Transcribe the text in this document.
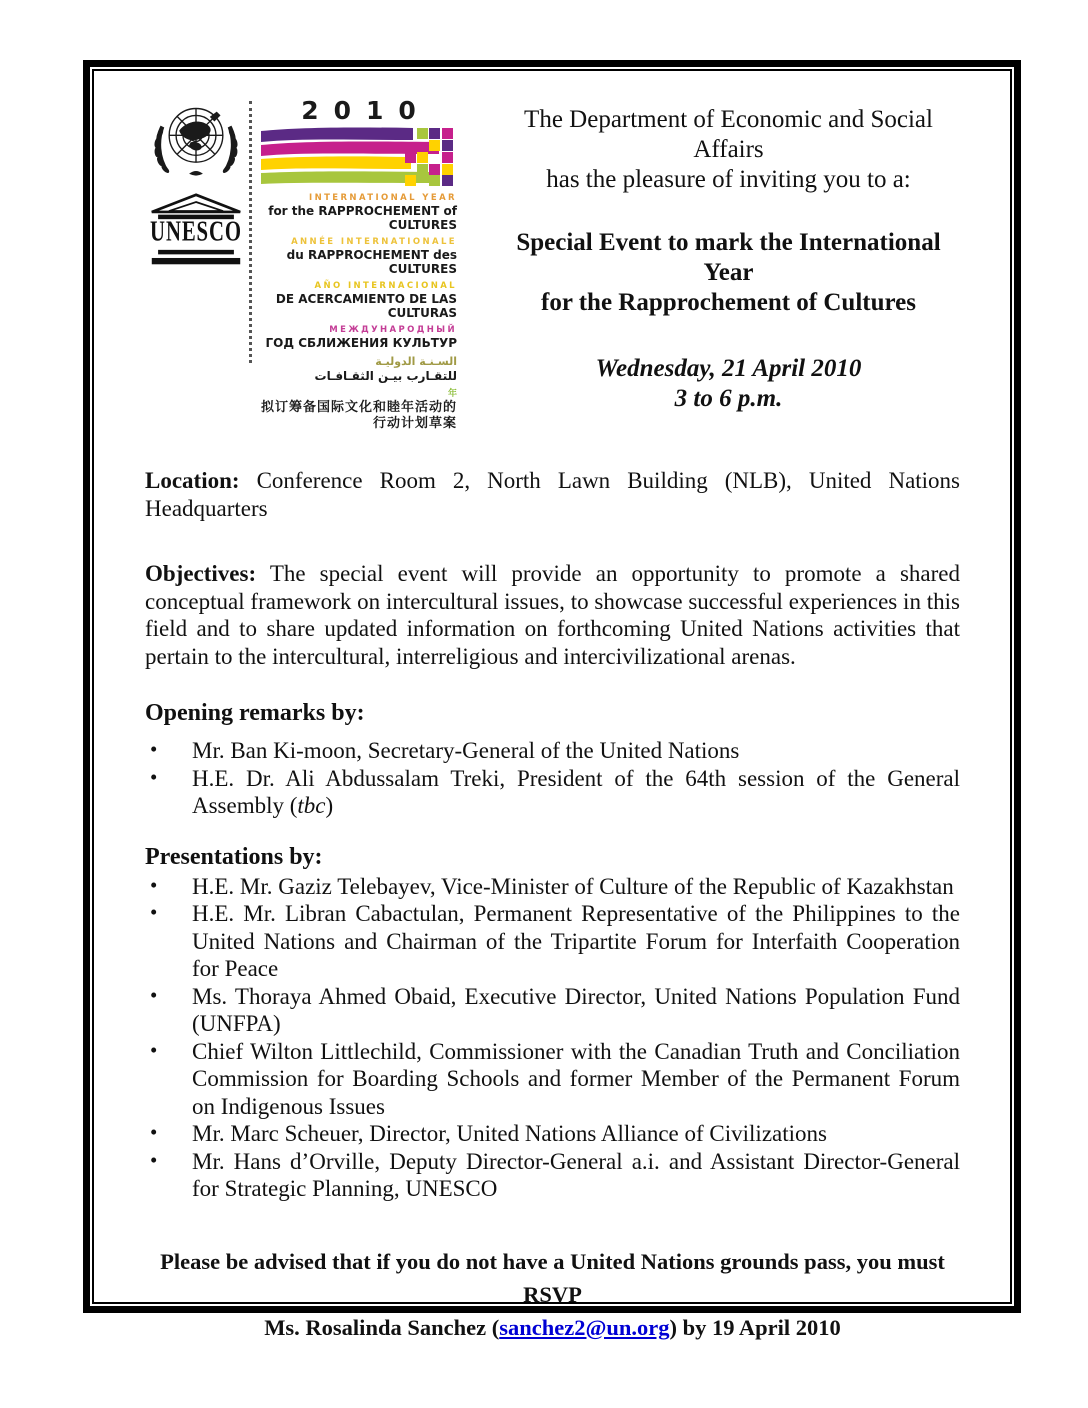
UNESCO
2010
INTERNATIONAL YEAR
for the RAPPROCHEMENT of CULTURES
ANNÉE INTERNATIONALE
du RAPPROCHEMENT des CULTURES
AÑO INTERNACIONAL
DE ACERCAMIENTO DE LAS CULTURAS
МЕЖДУНАРОДНЫЙ
ГОД СБЛИЖЕНИЯ КУЛЬТУР
السـنـة الدوليـة
للتقـارب بيـن الثقـافـات
年
拟订筹备国际文化和睦年活动的行动计划草案

The Department of Economic and Social Affairs
has the pleasure of inviting you to a:

Special Event to mark the International Year
for the Rapprochement of Cultures

Wednesday, 21 April 2010
3 to 6 p.m.

Location: Conference Room 2, North Lawn Building (NLB), United Nations Headquarters

Objectives: The special event will provide an opportunity to promote a shared conceptual framework on intercultural issues, to showcase successful experiences in this field and to share updated information on forthcoming United Nations activities that pertain to the intercultural, interreligious and intercivilizational arenas.

Opening remarks by:
• Mr. Ban Ki-moon, Secretary-General of the United Nations
• H.E. Dr. Ali Abdussalam Treki, President of the 64th session of the General Assembly (tbc)
Presentations by:
• H.E. Mr. Gaziz Telebayev, Vice-Minister of Culture of the Republic of Kazakhstan
• H.E. Mr. Libran Cabactulan, Permanent Representative of the Philippines to the United Nations and Chairman of the Tripartite Forum for Interfaith Cooperation for Peace
• Ms. Thoraya Ahmed Obaid, Executive Director, United Nations Population Fund (UNFPA)
• Chief Wilton Littlechild, Commissioner with the Canadian Truth and Conciliation Commission for Boarding Schools and former Member of the Permanent Forum on Indigenous Issues
• Mr. Marc Scheuer, Director, United Nations Alliance of Civilizations
• Mr. Hans d’Orville, Deputy Director-General a.i. and Assistant Director-General for Strategic Planning, UNESCO
Please be advised that if you do not have a United Nations grounds pass, you must RSVP
Ms. Rosalinda Sanchez (sanchez2@un.org) by 19 April 2010
